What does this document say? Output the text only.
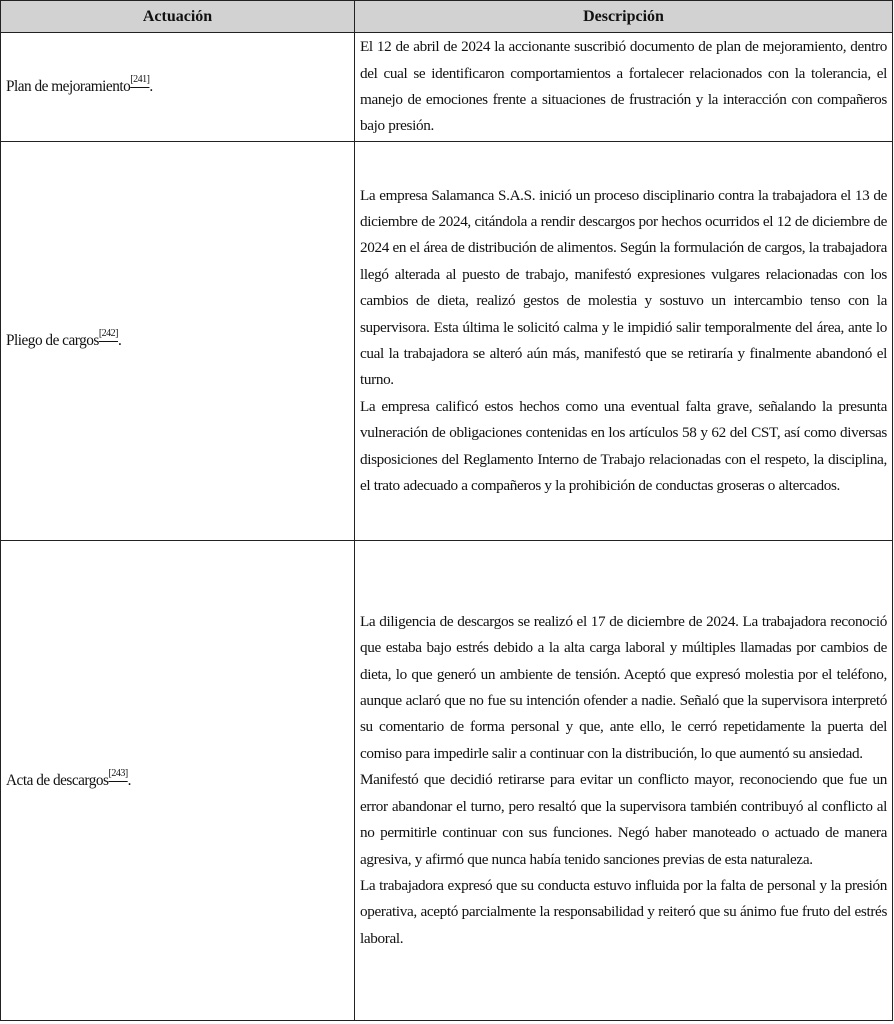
Actuación	Descripción
Plan de mejoramiento[241].	El 12 de abril de 2024 la accionante suscribió documento de plan de mejoramiento, dentro del cual se identificaron comportamientos a fortalecer relacionados con la tolerancia, el manejo de emociones frente a situaciones de frustración y la interacción con compañeros bajo presión.

Pliego de cargos[242].	La empresa Salamanca S.A.S. inició un proceso disciplinario contra la trabajadora el 13 de diciembre de 2024, citándola a rendir descargos por hechos ocurridos el 12 de diciembre de 2024 en el área de distribución de alimentos. Según la formulación de cargos, la trabajadora llegó alterada al puesto de trabajo, manifestó expresiones vulgares relacionadas con los cambios de dieta, realizó gestos de molestia y sostuvo un intercambio tenso con la supervisora. Esta última le solicitó calma y le impidió salir temporalmente del área, ante lo cual la trabajadora se alteró aún más, manifestó que se retiraría y finalmente abandonó el turno.

La empresa calificó estos hechos como una eventual falta grave, señalando la presunta vulneración de obligaciones contenidas en los artículos 58 y 62 del CST, así como diversas disposiciones del Reglamento Interno de Trabajo relacionadas con el respeto, la disciplina, el trato adecuado a compañeros y la prohibición de conductas groseras o altercados.

Acta de descargos[243].	La diligencia de descargos se realizó el 17 de diciembre de 2024. La trabajadora reconoció que estaba bajo estrés debido a la alta carga laboral y múltiples llamadas por cambios de dieta, lo que generó un ambiente de tensión. Aceptó que expresó molestia por el teléfono, aunque aclaró que no fue su intención ofender a nadie. Señaló que la supervisora interpretó su comentario de forma personal y que, ante ello, le cerró repetidamente la puerta del comiso para impedirle salir a continuar con la distribución, lo que aumentó su ansiedad.

Manifestó que decidió retirarse para evitar un conflicto mayor, reconociendo que fue un error abandonar el turno, pero resaltó que la supervisora también contribuyó al conflicto al no permitirle continuar con sus funciones. Negó haber manoteado o actuado de manera agresiva, y afirmó que nunca había tenido sanciones previas de esta naturaleza.

La trabajadora expresó que su conducta estuvo influida por la falta de personal y la presión operativa, aceptó parcialmente la responsabilidad y reiteró que su ánimo fue fruto del estrés laboral.
